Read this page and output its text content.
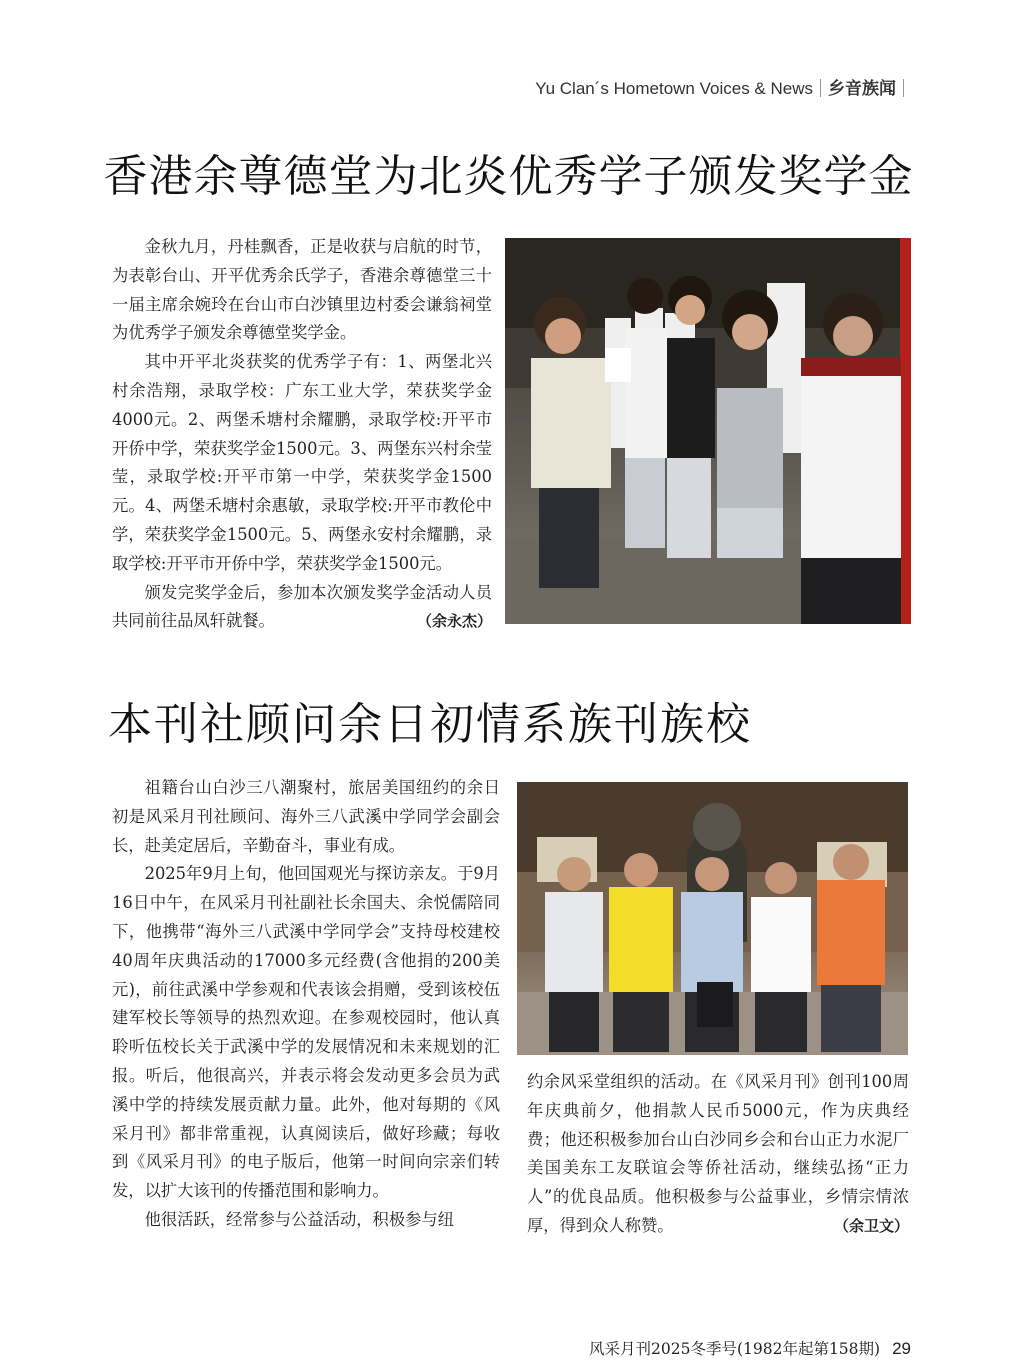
Yu Clan´s Hometown Voices & News 乡音族闻
香港余尊德堂为北炎优秀学子颁发奖学金

金秋九月，丹桂飘香，正是收获与启航的时节，为表彰台山、开平优秀余氏学子，香港余尊德堂三十一届主席余婉玲在台山市白沙镇里边村委会谦翁祠堂为优秀学子颁发余尊德堂奖学金。

其中开平北炎获奖的优秀学子有：1、两堡北兴村余浩翔，录取学校：广东工业大学，荣获奖学金4000元。2、两堡禾塘村余耀鹏，录取学校:开平市开侨中学，荣获奖学金1500元。3、两堡东兴村余莹莹，录取学校:开平市第一中学，荣获奖学金1500元。4、两堡禾塘村余惠敏，录取学校:开平市教伦中学，荣获奖学金1500元。5、两堡永安村余耀鹏，录取学校:开平市开侨中学，荣获奖学金1500元。

颁发完奖学金后，参加本次颁发奖学金活动人员共同前往品凤轩就餐。	（余永杰）

本刊社顾问余日初情系族刊族校

祖籍台山白沙三八潮聚村，旅居美国纽约的余日初是风采月刊社顾问、海外三八武溪中学同学会副会长，赴美定居后，辛勤奋斗，事业有成。

2025年9月上旬，他回国观光与探访亲友。于9月16日中午，在风采月刊社副社长余国夫、余悦儒陪同下，他携带“海外三八武溪中学同学会”支持母校建校40周年庆典活动的17000多元经费(含他捐的200美元)，前往武溪中学参观和代表该会捐赠，受到该校伍建军校长等领导的热烈欢迎。在参观校园时，他认真聆听伍校长关于武溪中学的发展情况和未来规划的汇报。听后，他很高兴，并表示将会发动更多会员为武溪中学的持续发展贡献力量。此外，他对每期的《风采月刊》都非常重视，认真阅读后，做好珍藏；每收到《风采月刊》的电子版后，他第一时间向宗亲们转发，以扩大该刊的传播范围和影响力。

他很活跃，经常参与公益活动，积极参与纽

约余风采堂组织的活动。在《风采月刊》创刊100周年庆典前夕，他捐款人民币5000元，作为庆典经费；他还积极参加台山白沙同乡会和台山正力水泥厂美国美东工友联谊会等侨社活动，继续弘扬“正力人”的优良品质。他积极参与公益事业，乡情宗情浓厚，得到众人称赞。	（余卫文）

风采月刊2025冬季号(1982年起第158期) 29
